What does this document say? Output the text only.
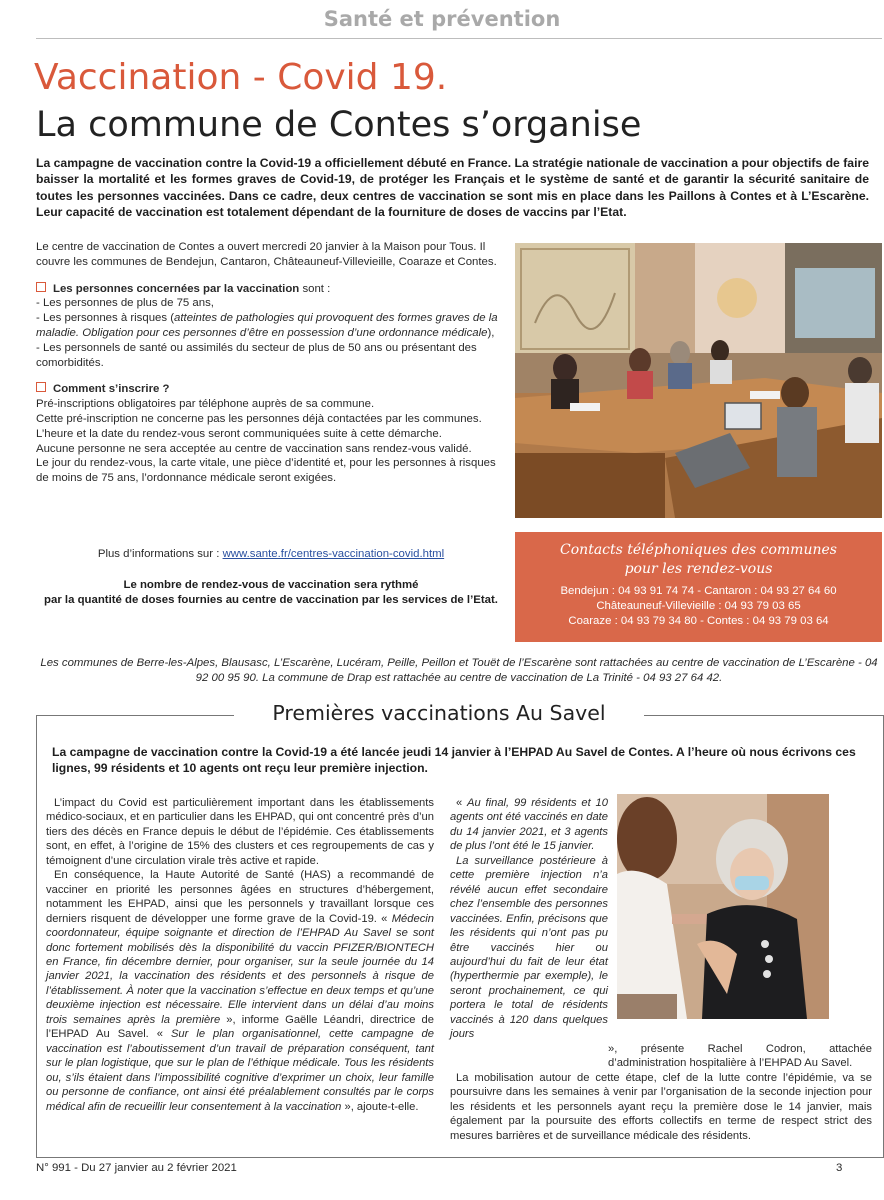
Santé et prévention
Vaccination - Covid 19.
La commune de Contes s’organise
La campagne de vaccination contre la Covid-19 a officiellement débuté en France. La stratégie nationale de vaccination a pour objectifs de faire baisser la mortalité et les formes graves de Covid-19, de protéger les Français et le système de santé et de garantir la sécurité sanitaire de toutes les personnes vaccinées. Dans ce cadre, deux centres de vaccination se sont mis en place dans les Paillons à Contes et à L’Escarène. Leur capacité de vaccination est totalement dépendant de la fourniture de doses de vaccins par l’Etat.

Le centre de vaccination de Contes a ouvert mercredi 20 janvier à la Maison pour Tous. Il couvre les communes de Bendejun, Cantaron, Châteauneuf-Villevieille, Coaraze et Contes.

Les personnes concernées par la vaccination sont :

- Les personnes de plus de 75 ans,

- Les personnes à risques (atteintes de pathologies qui provoquent des formes graves de la maladie. Obligation pour ces personnes d’être en possession d’une ordonnance médicale),

- Les personnels de santé ou assimilés du secteur de plus de 50 ans ou présentant des comorbidités.

Comment s’inscrire ?

Pré-inscriptions obligatoires par téléphone auprès de sa commune.

Cette pré-inscription ne concerne pas les personnes déjà contactées par les communes.

L’heure et la date du rendez-vous seront communiquées suite à cette démarche.

Aucune personne ne sera acceptée au centre de vaccination sans rendez-vous validé.

Le jour du rendez-vous, la carte vitale, une pièce d’identité et, pour les personnes à risques de moins de 75 ans, l’ordonnance médicale seront exigées.

Plus d’informations sur : www.sante.fr/centres-vaccination-covid.html
Le nombre de rendez-vous de vaccination sera rythmé
par la quantité de doses fournies au centre de vaccination par les services de l’Etat.
Contacts téléphoniques des communes
pour les rendez-vous
Bendejun : 04 93 91 74 74 - Cantaron : 04 93 27 64 60
Châteauneuf-Villevieille : 04 93 79 03 65
Coaraze : 04 93 79 34 80 - Contes : 04 93 79 03 64
Les communes de Berre-les-Alpes, Blausasc, L’Escarène, Lucéram, Peille, Peillon et Touët de l’Escarène sont rattachées au centre de vaccination de L’Escarène - 04 92 00 95 90. La commune de Drap est rattachée au centre de vaccination de La Trinité - 04 93 27 64 42.
Premières vaccinations Au Savel
La campagne de vaccination contre la Covid-19 a été lancée jeudi 14 janvier à l’EHPAD Au Savel de Contes. A l’heure où nous écrivons ces lignes, 99 résidents et 10 agents ont reçu leur première injection.

L’impact du Covid est particulièrement important dans les établissements médico-sociaux, et en particulier dans les EHPAD, qui ont concentré près d’un tiers des décès en France depuis le début de l’épidémie. Ces établissements sont, en effet, à l’origine de 15% des clusters et ces regroupements de cas y témoignent d’une circulation virale très active et rapide.

En conséquence, la Haute Autorité de Santé (HAS) a recommandé de vacciner en priorité les personnes âgées en structures d’hébergement, notamment les EHPAD, ainsi que les personnels y travaillant lorsque ces derniers risquent de développer une forme grave de la Covid-19. « Médecin coordonnateur, équipe soignante et direction de l’EHPAD Au Savel se sont donc fortement mobilisés dès la disponibilité du vaccin PFIZER/BIONTECH en France, fin décembre dernier, pour organiser, sur la seule journée du 14 janvier 2021, la vaccination des résidents et des personnels à risque de l’établissement. À noter que la vaccination s’effectue en deux temps et qu’une deuxième injection est nécessaire. Elle intervient dans un délai d’au moins trois semaines après la première », informe Gaëlle Léandri, directrice de l’EHPAD Au Savel. « Sur le plan organisationnel, cette campagne de vaccination est l’aboutissement d’un travail de préparation conséquent, tant sur le plan logistique, que sur le plan de l’éthique médicale. Tous les résidents ou, s’ils étaient dans l’impossibilité cognitive d’exprimer un choix, leur famille ou personne de confiance, ont ainsi été préalablement consultés par le corps médical afin de recueillir leur consentement à la vaccination », ajoute-t-elle.

« Au final, 99 résidents et 10 agents ont été vaccinés en date du 14 janvier 2021, et 3 agents de plus l’ont été le 15 janvier.

La surveillance postérieure à cette première injection n’a révélé aucun effet secondaire chez l’ensemble des personnes vaccinées. Enfin, précisons que les résidents qui n’ont pas pu être vaccinés hier ou aujourd’hui du fait de leur état (hyperthermie par exemple), le seront prochainement, ce qui portera le total de résidents vaccinés à 120 dans quelques jours

», présente Rachel Codron, attachée d’administration hospitalière à l’EHPAD Au Savel.

La mobilisation autour de cette étape, clef de la lutte contre l’épidémie, va se poursuivre dans les semaines à venir par l’organisation de la seconde injection pour les résidents et les personnels ayant reçu la première dose le 14 janvier, mais également par la poursuite des efforts collectifs en terme de respect strict des mesures barrières et de surveillance médicale des résidents.

N° 991 - Du 27 janvier au 2 février 2021	3
